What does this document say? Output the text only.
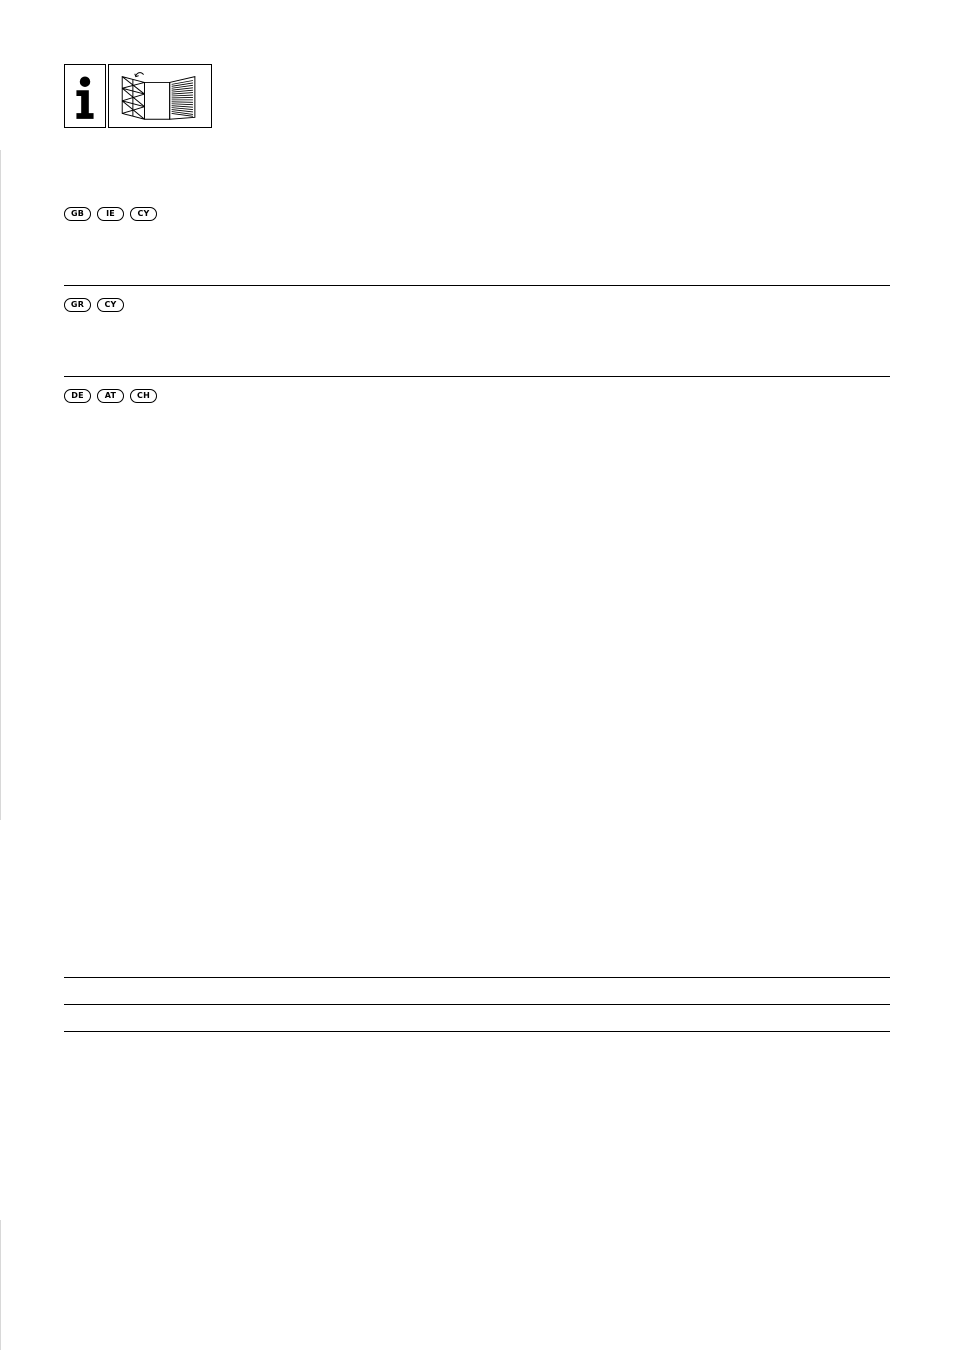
GB	IE	CY
GR	CY
DE	AT	CH
